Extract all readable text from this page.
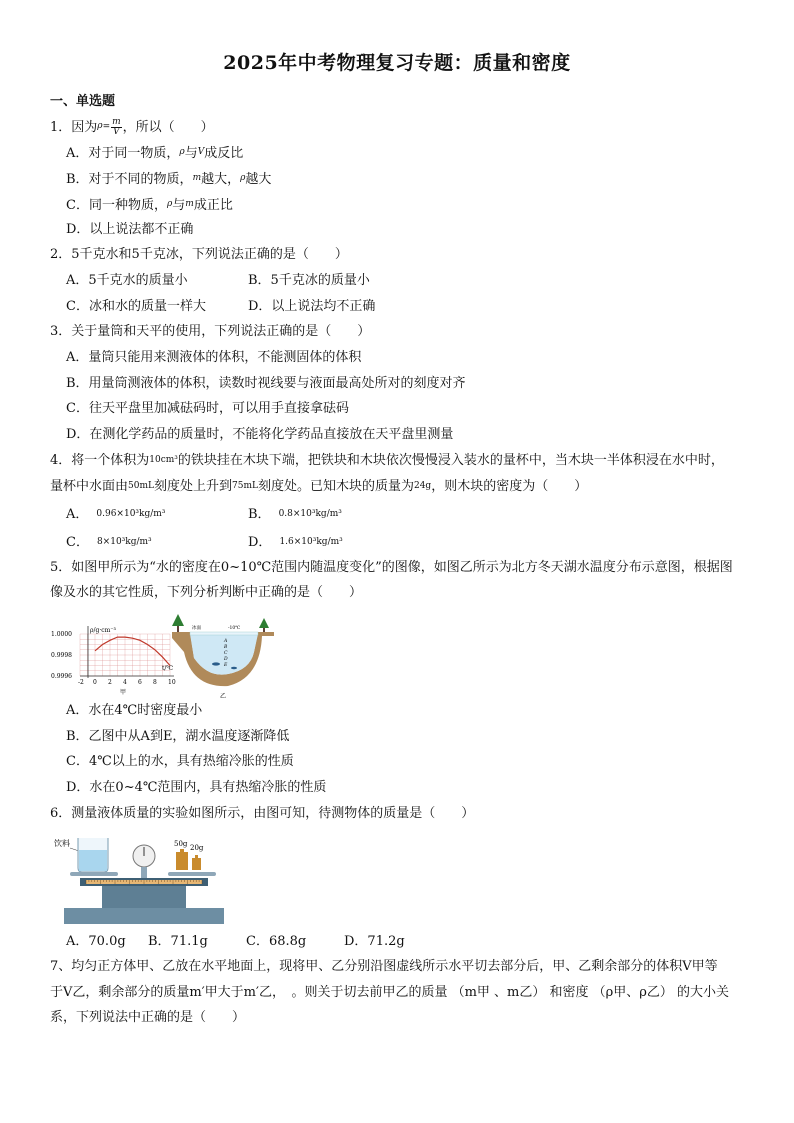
2025年中考物理复习专题：质量和密度
一、单选题
1．因为$^\rho= \frac{m}{V}$ ，所以（　　）
A．对于同一物质，$^\rho$与$^V$成反比
B．对于不同的物质，$^m$越大，$^\rho$越大
C．同一种物质，$^\rho$与$^m$成正比
D．以上说法都不正确
2．5千克水和5千克冰，下列说法正确的是（　　）
A．5千克水的质量小	B．5千克冰的质量小
C．冰和水的质量一样大	D．以上说法均不正确
3．关于量筒和天平的使用，下列说法正确的是（　　）
A．量筒只能用来测液体的体积，不能测固体的体积
B．用量筒测液体的体积，读数时视线要与液面最高处所对的刻度对齐
C．往天平盘里加减砝码时，可以用手直接拿砝码
D．在测化学药品的质量时，不能将化学药品直接放在天平盘里测量
4．将一个体积为10cm³的铁块挂在木块下端，把铁块和木块依次慢慢浸入装水的量杯中，当木块一半体积浸在水中时，
量杯中水面由50mL刻度处上升到75mL刻度处。已知木块的质量为24g，则木块的密度为（　　）
A． 0.96×10³kg/m³	B． 0.8×10³kg/m³
C． 8×10³kg/m³	D． 1.6×10³kg/m³
5．如图甲所示为“水的密度在0~10℃范围内随温度变化”的图像，如图乙所示为北方冬天湖水温度分布示意图，根据图
像及水的其它性质，下列分析判断中正确的是（　　）
ρ/g·cm⁻³
t/℃
1.0000
0.9998
0.9996
-2 0 2 4 6 8 10
甲
冰面	-10℃
A
B
C
D
E
乙
A．水在4℃时密度最小
B．乙图中从A到E，湖水温度逐渐降低
C．4℃以上的水，具有热缩冷胀的性质
D．水在0~4℃范围内，具有热缩冷胀的性质
6．测量液体质量的实验如图所示，由图可知，待测物体的质量是（　　）
饮料	50g 20g
A．70.0g B．71.1g	C．68.8g	D．71.2g
7、均匀正方体甲、乙放在水平地面上，现将甲、乙分别沿图虚线所示水平切去部分后，甲、乙剩余部分的体积V甲等
于V乙，剩余部分的质量m′甲大于m′乙，　。则关于切去前甲乙的质量 （m甲 、m乙） 和密度 （ρ甲、ρ乙） 的大小关
系，下列说法中正确的是（　　）
